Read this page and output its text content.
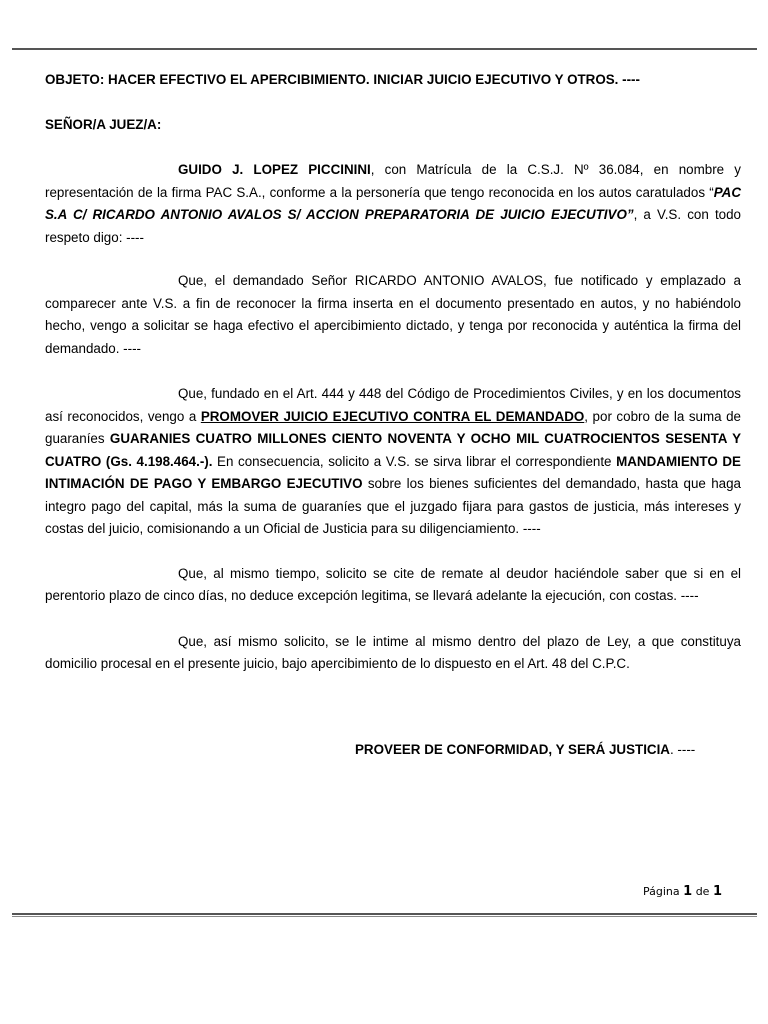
OBJETO: HACER EFECTIVO EL APERCIBIMIENTO. INICIAR JUICIO EJECUTIVO Y OTROS. ----

SEÑOR/A JUEZ/A:

GUIDO J. LOPEZ PICCININI, con Matrícula de la C.S.J. Nº 36.084, en nombre y representación de la firma PAC S.A., conforme a la personería que tengo reconocida en los autos caratulados “PAC S.A C/ RICARDO ANTONIO AVALOS S/ ACCION PREPARATORIA DE JUICIO EJECUTIVO”, a V.S. con todo respeto digo: ----

Que, el demandado Señor RICARDO ANTONIO AVALOS, fue notificado y emplazado a comparecer ante V.S. a fin de reconocer la firma inserta en el documento presentado en autos, y no habiéndolo hecho, vengo a solicitar se haga efectivo el apercibimiento dictado, y tenga por reconocida y auténtica la firma del demandado. ----

Que, fundado en el Art. 444 y 448 del Código de Procedimientos Civiles, y en los documentos así reconocidos, vengo a PROMOVER JUICIO EJECUTIVO CONTRA EL DEMANDADO, por cobro de la suma de guaraníes GUARANIES CUATRO MILLONES CIENTO NOVENTA Y OCHO MIL CUATROCIENTOS SESENTA Y CUATRO (Gs. 4.198.464.-). En consecuencia, solicito a V.S. se sirva librar el correspondiente MANDAMIENTO DE INTIMACIÓN DE PAGO Y EMBARGO EJECUTIVO sobre los bienes suficientes del demandado, hasta que haga integro pago del capital, más la suma de guaraníes que el juzgado fijara para gastos de justicia, más intereses y costas del juicio, comisionando a un Oficial de Justicia para su diligenciamiento. ----

Que, al mismo tiempo, solicito se cite de remate al deudor haciéndole saber que si en el perentorio plazo de cinco días, no deduce excepción legitima, se llevará adelante la ejecución, con costas. ----

Que, así mismo solicito, se le intime al mismo dentro del plazo de Ley, a que constituya domicilio procesal en el presente juicio, bajo apercibimiento de lo dispuesto en el Art. 48 del C.P.C.

PROVEER DE CONFORMIDAD, Y SERÁ JUSTICIA. ----
Página 1 de 1
